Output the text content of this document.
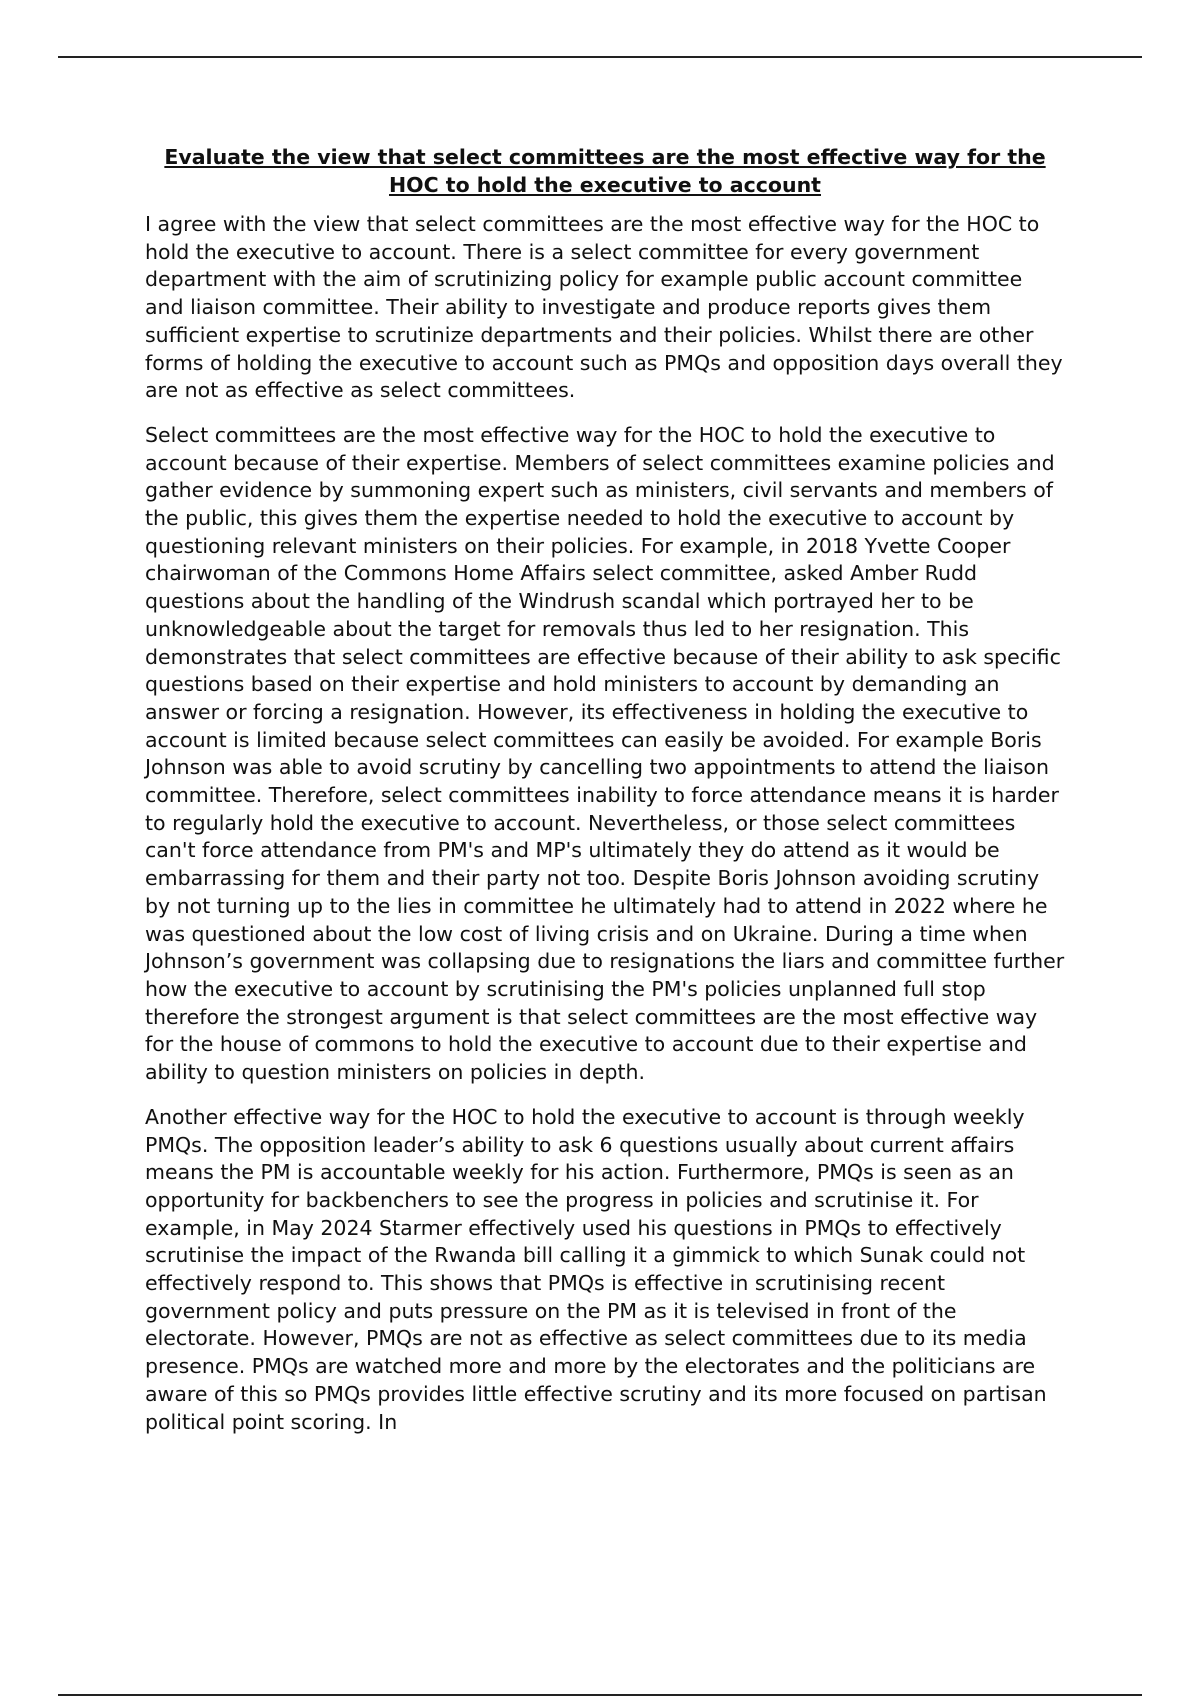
Evaluate the view that select committees are the most effective way for the HOC to hold the executive to account

I agree with the view that select committees are the most effective way for the HOC to hold the executive to account. There is a select committee for every government department with the aim of scrutinizing policy for example public account committee and liaison committee. Their ability to investigate and produce reports gives them sufficient expertise to scrutinize departments and their policies. Whilst there are other forms of holding the executive to account such as PMQs and opposition days overall they are not as effective as select committees.

Select committees are the most effective way for the HOC to hold the executive to account because of their expertise. Members of select committees examine policies and gather evidence by summoning expert such as ministers, civil servants and members of the public, this gives them the expertise needed to hold the executive to account by questioning relevant ministers on their policies. For example, in 2018 Yvette Cooper chairwoman of the Commons Home Affairs select committee, asked Amber Rudd questions about the handling of the Windrush scandal which portrayed her to be unknowledgeable about the target for removals thus led to her resignation. This demonstrates that select committees are effective because of their ability to ask specific questions based on their expertise and hold ministers to account by demanding an answer or forcing a resignation. However, its effectiveness in holding the executive to account is limited because select committees can easily be avoided. For example Boris Johnson was able to avoid scrutiny by cancelling two appointments to attend the liaison committee. Therefore, select committees inability to force attendance means it is harder to regularly hold the executive to account. Nevertheless, or those select committees can't force attendance from PM's and MP's ultimately they do attend as it would be embarrassing for them and their party not too. Despite Boris Johnson avoiding scrutiny by not turning up to the lies in committee he ultimately had to attend in 2022 where he was questioned about the low cost of living crisis and on Ukraine. During a time when Johnson’s government was collapsing due to resignations the liars and committee further how the executive to account by scrutinising the PM's policies unplanned full stop therefore the strongest argument is that select committees are the most effective way for the house of commons to hold the executive to account due to their expertise and ability to question ministers on policies in depth.

Another effective way for the HOC to hold the executive to account is through weekly PMQs. The opposition leader’s ability to ask 6 questions usually about current affairs means the PM is accountable weekly for his action. Furthermore, PMQs is seen as an opportunity for backbenchers to see the progress in policies and scrutinise it. For example, in May 2024 Starmer effectively used his questions in PMQs to effectively scrutinise the impact of the Rwanda bill calling it a gimmick to which Sunak could not effectively respond to. This shows that PMQs is effective in scrutinising recent government policy and puts pressure on the PM as it is televised in front of the electorate. However, PMQs are not as effective as select committees due to its media presence. PMQs are watched more and more by the electorates and the politicians are aware of this so PMQs provides little effective scrutiny and its more focused on partisan political point scoring. In
